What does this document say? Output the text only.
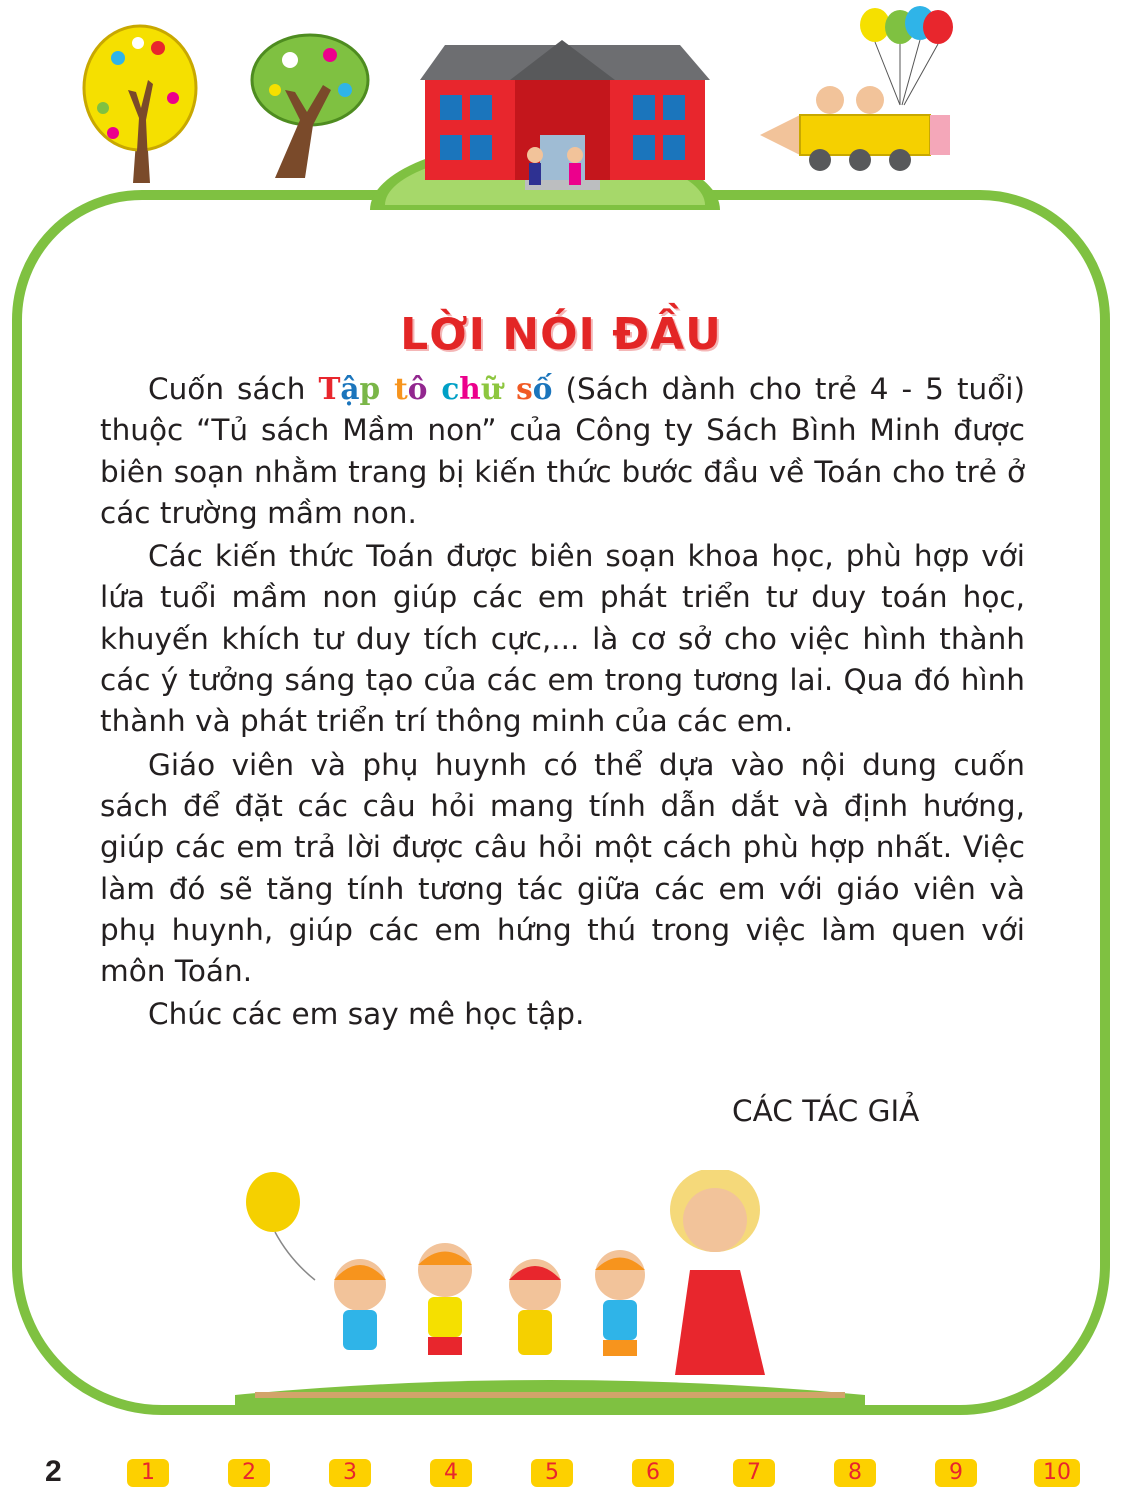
LỜI NÓI ĐẦU

Cuốn sách Tập tô chữ số (Sách dành cho trẻ 4 - 5 tuổi) thuộc “Tủ sách Mầm non” của Công ty Sách Bình Minh được biên soạn nhằm trang bị kiến thức bước đầu về Toán cho trẻ ở các trường mầm non.

Các kiến thức Toán được biên soạn khoa học, phù hợp với lứa tuổi mầm non giúp các em phát triển tư duy toán học, khuyến khích tư duy tích cực,... là cơ sở cho việc hình thành các ý tưởng sáng tạo của các em trong tương lai. Qua đó hình thành và phát triển trí thông minh của các em.

Giáo viên và phụ huynh có thể dựa vào nội dung cuốn sách để đặt các câu hỏi mang tính dẫn dắt và định hướng, giúp các em trả lời được câu hỏi một cách phù hợp nhất. Việc làm đó sẽ tăng tính tương tác giữa các em với giáo viên và phụ huynh, giúp các em hứng thú trong việc làm quen với môn Toán.

Chúc các em say mê học tập.

CÁC TÁC GIẢ
2	1	2	3	4	5	6	7	8	9	10
